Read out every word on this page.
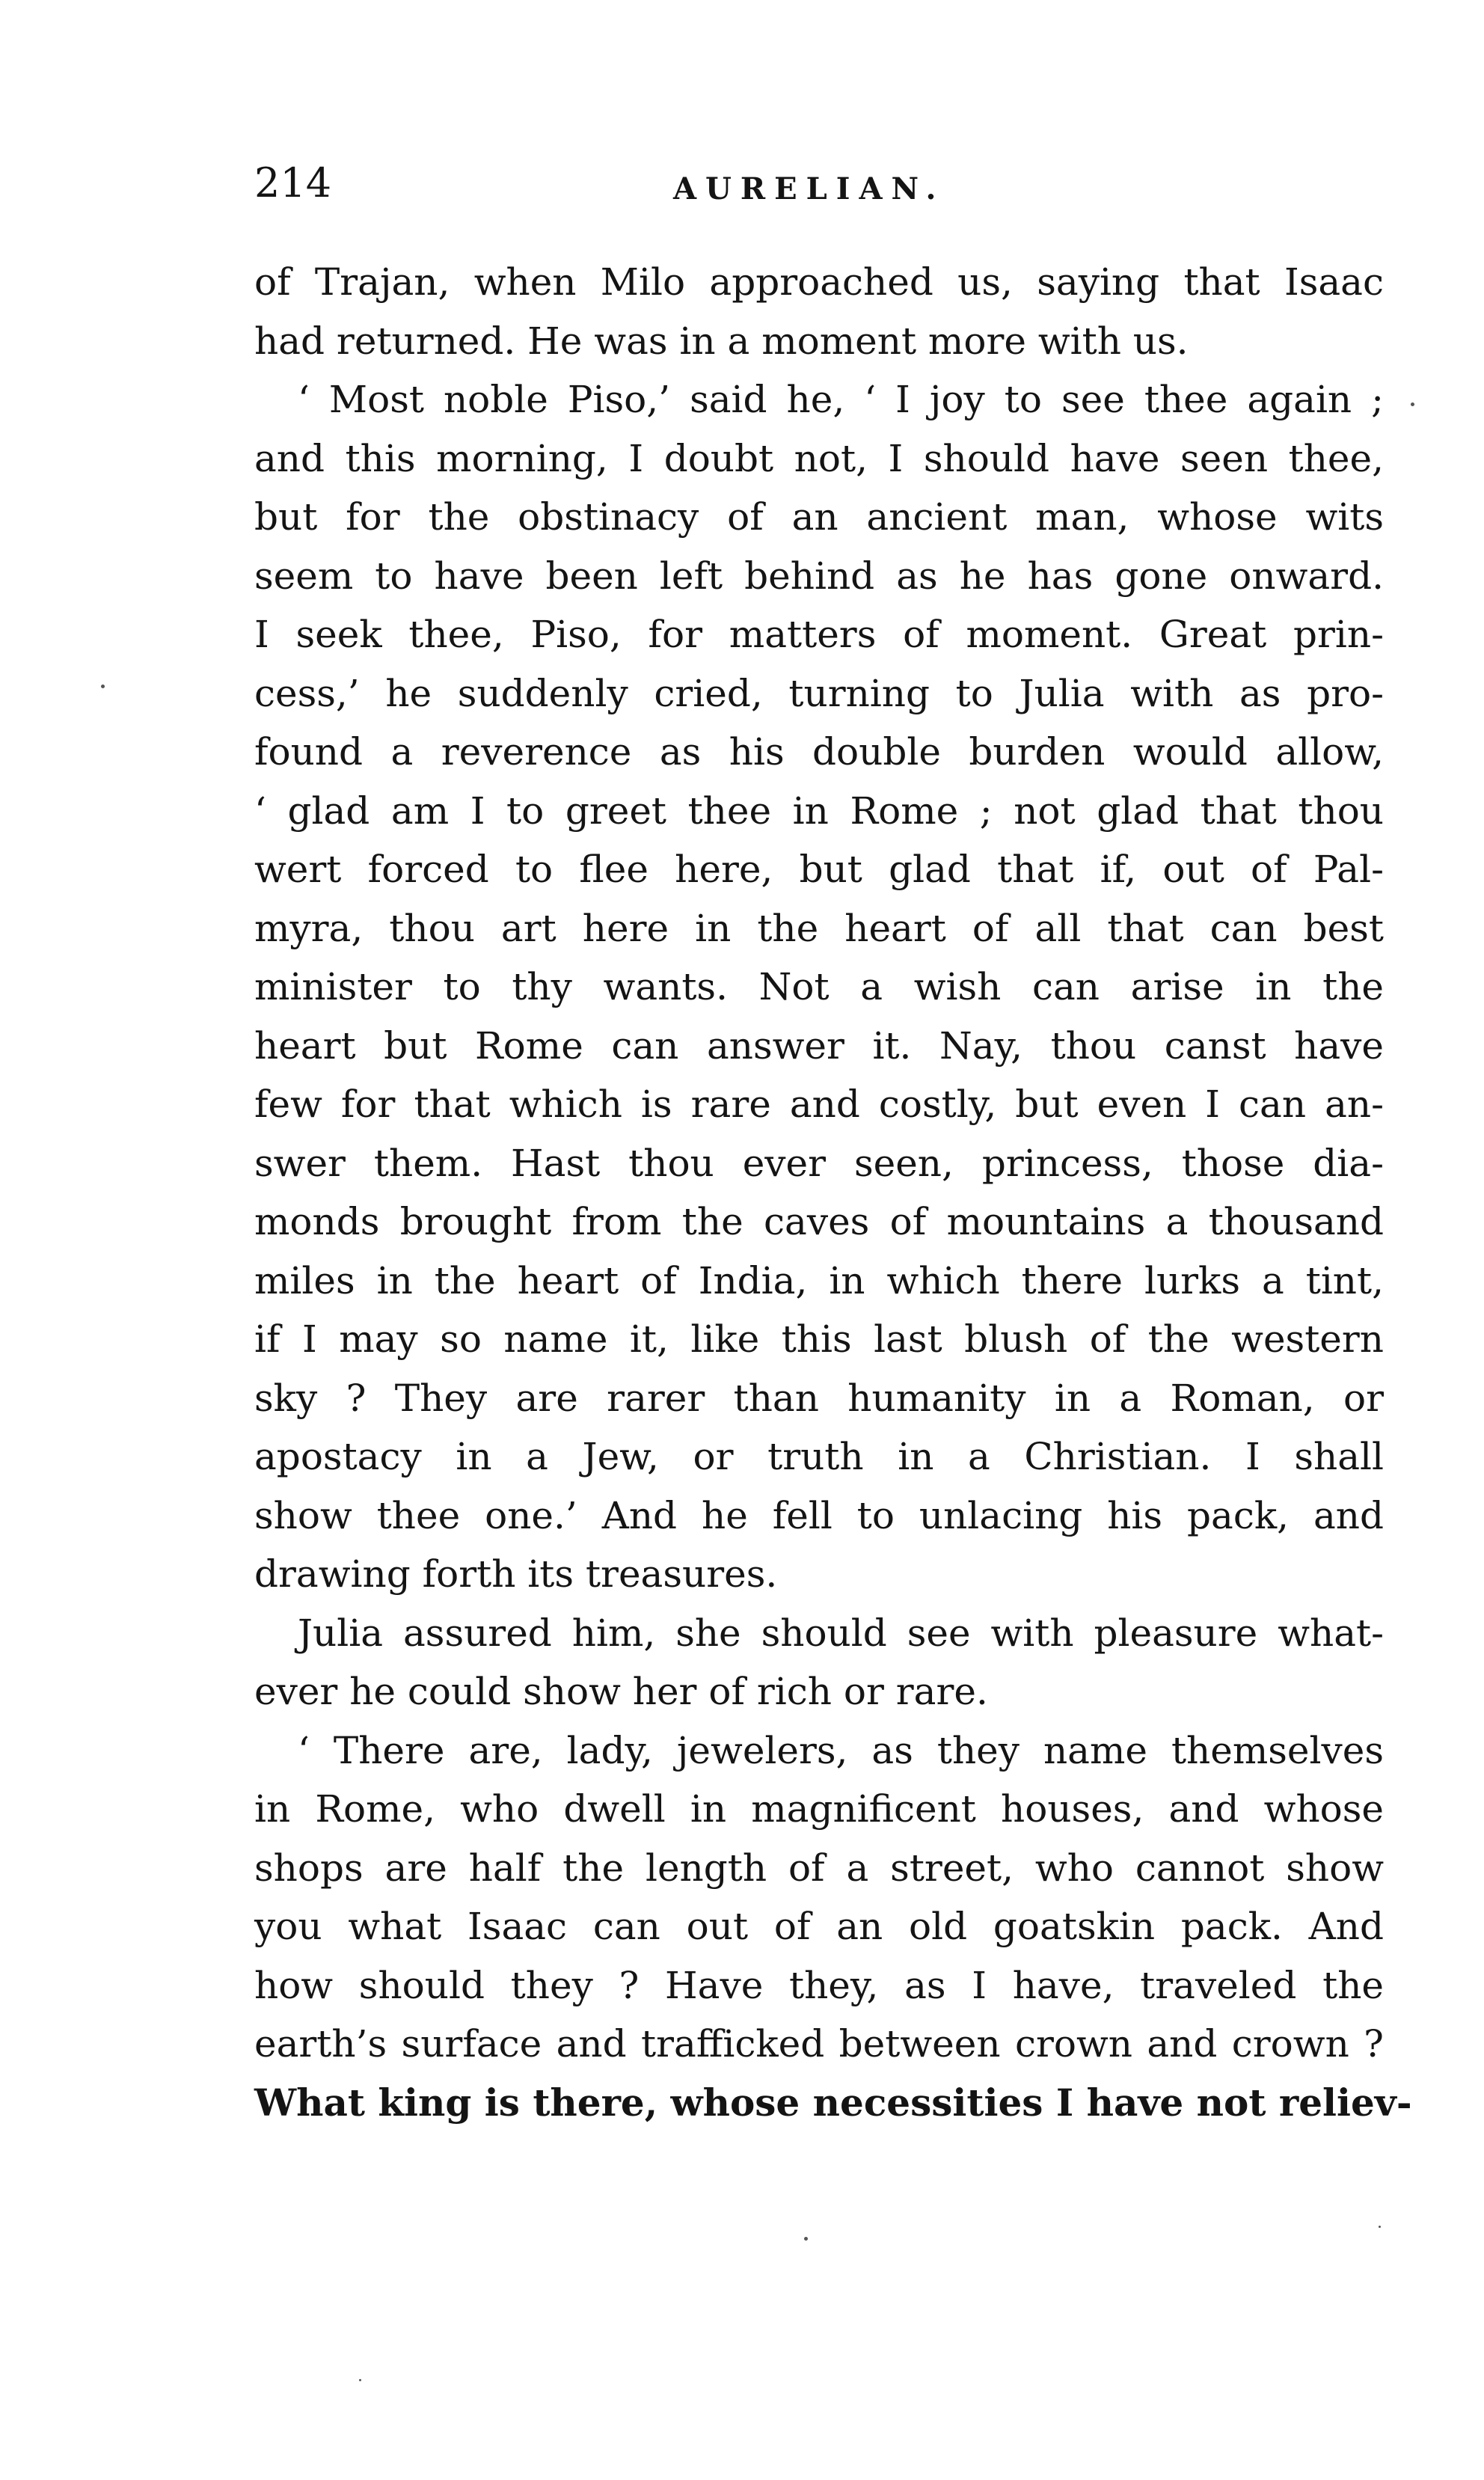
214	AURELIAN.
of Trajan, when Milo approached us, saying that Isaac
had returned. He was in a moment more with us.
‘ Most noble Piso,’ said he, ‘ I joy to see thee again ;
and this morning, I doubt not, I should have seen thee,
but for the obstinacy of an ancient man, whose wits
seem to have been left behind as he has gone onward.
I seek thee, Piso, for matters of moment. Great prin-
cess,’ he suddenly cried, turning to Julia with as pro-
found a reverence as his double burden would allow,
‘ glad am I to greet thee in Rome ; not glad that thou
wert forced to flee here, but glad that if, out of Pal-
myra, thou art here in the heart of all that can best
minister to thy wants. Not a wish can arise in the
heart but Rome can answer it. Nay, thou canst have
few for that which is rare and costly, but even I can an-
swer them. Hast thou ever seen, princess, those dia-
monds brought from the caves of mountains a thousand
miles in the heart of India, in which there lurks a tint,
if I may so name it, like this last blush of the western
sky ? They are rarer than humanity in a Roman, or
apostacy in a Jew, or truth in a Christian. I shall
show thee one.’ And he fell to unlacing his pack, and
drawing forth its treasures.
Julia assured him, she should see with pleasure what-
ever he could show her of rich or rare.
‘ There are, lady, jewelers, as they name themselves
in Rome, who dwell in magnificent houses, and whose
shops are half the length of a street, who cannot show
you what Isaac can out of an old goatskin pack. And
how should they ? Have they, as I have, traveled the
earth’s surface and trafficked between crown and crown ?
What king is there, whose necessities I have not reliev-
